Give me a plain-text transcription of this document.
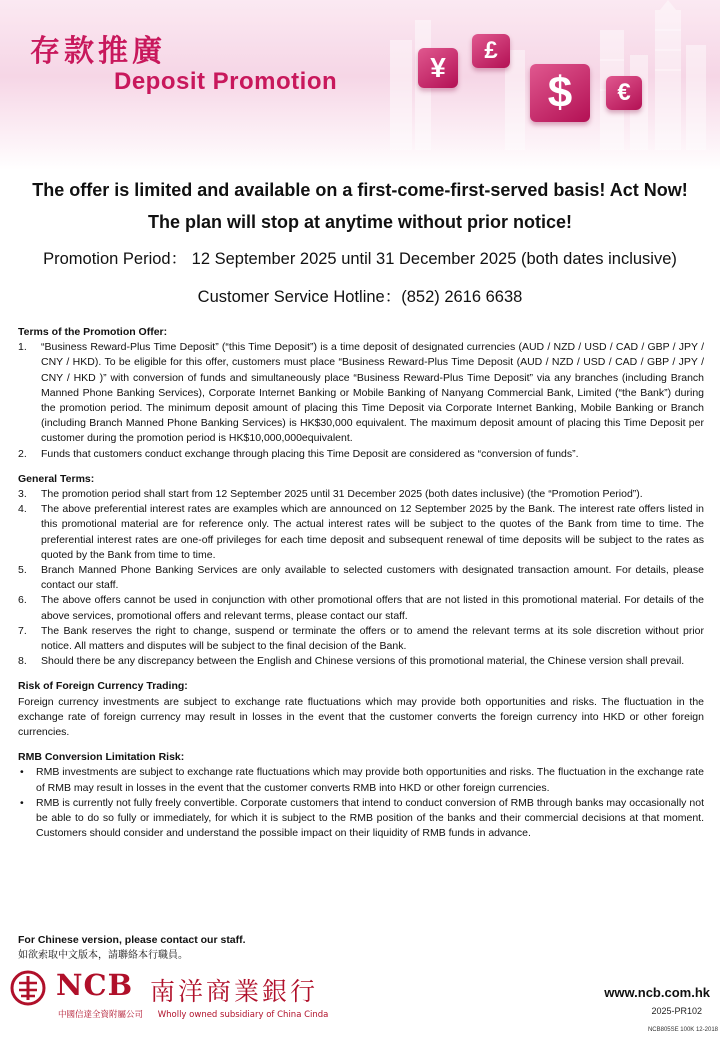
存款推廣
Deposit Promotion	¥
£
$	€
The offer is limited and available on a first-come-first-served basis! Act Now!
The plan will stop at anytime without prior notice!
Promotion Period： 12 September 2025 until 31 December 2025 (both dates inclusive)
Customer Service Hotline：(852) 2616 6638
Terms of the Promotion Offer:
1.	“Business Reward-Plus Time Deposit” (“this Time Deposit”) is a time deposit of designated currencies (AUD / NZD / USD / CAD / GBP / JPY / CNY / HKD). To be eligible for this offer, customers must place “Business Reward-Plus Time Deposit (AUD / NZD / USD / CAD / GBP / JPY / CNY / HKD )” with conversion of funds and simultaneously place “Business Reward-Plus Time Deposit” via any branches (including Branch Manned Phone Banking Services), Corporate Internet Banking or Mobile Banking of Nanyang Commercial Bank, Limited (“the Bank”) during the promotion period. The minimum deposit amount of placing this Time Deposit via Corporate Internet Banking, Mobile Banking or Branch (including Branch Manned Phone Banking Services) is HK$30,000 equivalent. The maximum deposit amount of placing this Time Deposit per customer during the promotion period is HK$10,000,000equivalent.
2.	Funds that customers conduct exchange through placing this Time Deposit are considered as “conversion of funds”.
General Terms:
3.	The promotion period shall start from 12 September 2025 until 31 December 2025 (both dates inclusive) (the “Promotion Period”).
4.	The above preferential interest rates are examples which are announced on 12 September 2025 by the Bank. The interest rate offers listed in this promotional material are for reference only. The actual interest rates will be subject to the quotes of the Bank from time to time. The preferential interest rates are one-off privileges for each time deposit and subsequent renewal of time deposits will be subject to the rates as quoted by the Bank from time to time.
5.	Branch Manned Phone Banking Services are only available to selected customers with designated transaction amount. For details, please contact our staff.
6.	The above offers cannot be used in conjunction with other promotional offers that are not listed in this promotional material. For details of the above services, promotional offers and relevant terms, please contact our staff.
7.	The Bank reserves the right to change, suspend or terminate the offers or to amend the relevant terms at its sole discretion without prior notice. All matters and disputes will be subject to the final decision of the Bank.
8.	Should there be any discrepancy between the English and Chinese versions of this promotional material, the Chinese version shall prevail.
Risk of Foreign Currency Trading:
Foreign currency investments are subject to exchange rate fluctuations which may provide both opportunities and risks. The fluctuation in the exchange rate of foreign currency may result in losses in the event that the customer converts the foreign currency into HKD or other foreign currencies.
RMB Conversion Limitation Risk:
•	RMB investments are subject to exchange rate fluctuations which may provide both opportunities and risks. The fluctuation in the exchange rate of RMB may result in losses in the event that the customer converts RMB into HKD or other foreign currencies.
•	RMB is currently not fully freely convertible. Corporate customers that intend to conduct conversion of RMB through banks may occasionally not be able to do so fully or immediately, for which it is subject to the RMB position of the banks and their commercial decisions at that moment. Customers should consider and understand the possible impact on their liquidity of RMB funds in advance.
For Chinese version, please contact our staff.
如欲索取中文版本，請聯絡本行職員。
NCB 南洋商業銀行
中國信達全資附屬公司 Wholly owned subsidiary of China Cinda
www.ncb.com.hk
2025-PR102
NCB805SE 100K 12-2018
